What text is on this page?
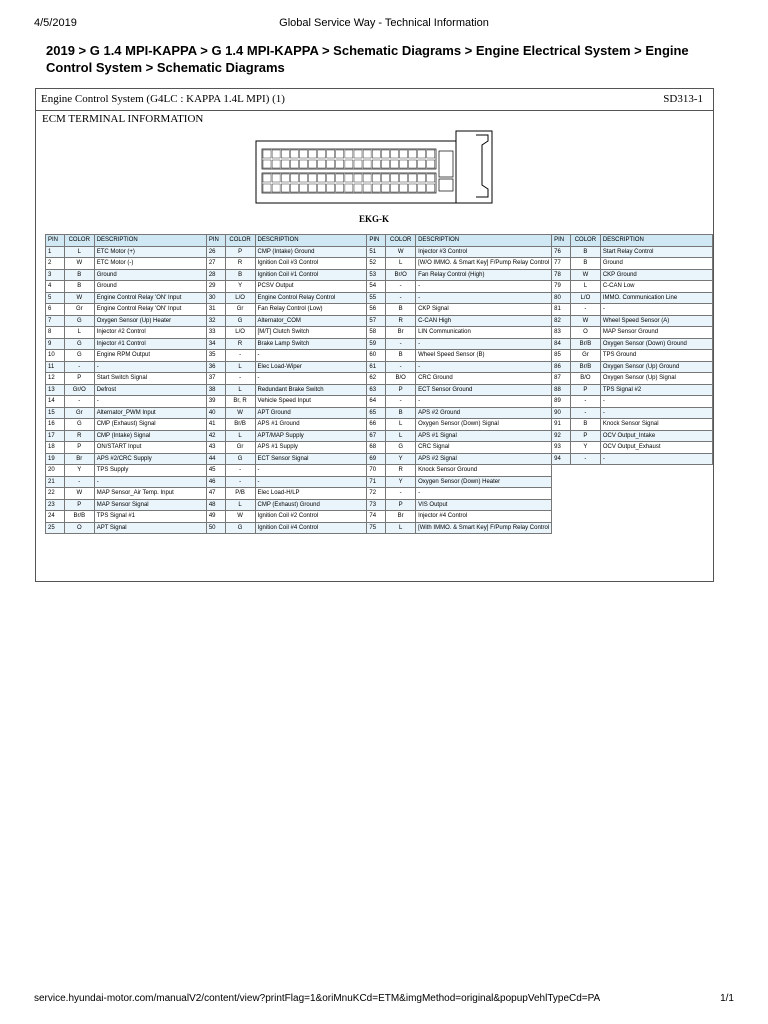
4/5/2019	Global Service Way - Technical Information
2019 > G 1.4 MPI-KAPPA > G 1.4 MPI-KAPPA > Schematic Diagrams > Engine Electrical System > Engine Control System > Schematic Diagrams
Engine Control System (G4LC : KAPPA 1.4L MPI) (1)	SD313-1
ECM TERMINAL INFORMATION
EKG-K
PIN	COLOR	DESCRIPTION	PIN	COLOR	DESCRIPTION	PIN	COLOR	DESCRIPTION	PIN	COLOR	DESCRIPTION
1	L	ETC Motor (+)	26	P	CMP (Intake) Ground	51	W	Injector #3 Control	76	B	Start Relay Control
2	W	ETC Motor (-)	27	R	Ignition Coil #3 Control	52	L	[W/O IMMO. & Smart Key] F/Pump Relay Control	77	B	Ground
3	B	Ground	28	B	Ignition Coil #1 Control	53	Br/O	Fan Relay Control (High)	78	W	CKP Ground
4	B	Ground	29	Y	PCSV Output	54	-	-	79	L	C-CAN Low
5	W	Engine Control Relay 'ON' Input	30	L/O	Engine Control Relay Control	55	-	-	80	L/O	IMMO. Communication Line
6	Gr	Engine Control Relay 'ON' Input	31	Gr	Fan Relay Control (Low)	56	B	CKP Signal	81	-	-
7	G	Oxygen Sensor (Up) Heater	32	G	Alternator_COM	57	R	C-CAN High	82	W	Wheel Speed Sensor (A)
8	L	Injector #2 Control	33	L/O	[M/T] Clutch Switch	58	Br	LIN Communication	83	O	MAP Sensor Ground
9	G	Injector #1 Control	34	R	Brake Lamp Switch	59	-	-	84	Br/B	Oxygen Sensor (Down) Ground
10	G	Engine RPM Output	35	-	-	60	B	Wheel Speed Sensor (B)	85	Gr	TPS Ground
11	-	-	36	L	Elec Load-Wiper	61	-	-	86	Br/B	Oxygen Sensor (Up) Ground
12	P	Start Switch Signal	37	-	-	62	B/O	CRC Ground	87	B/O	Oxygen Sensor (Up) Signal
13	Gr/O	Defrost	38	L	Redundant Brake Switch	63	P	ECT Sensor Ground	88	P	TPS Signal #2
14	-	-	39	Br, R	Vehicle Speed Input	64	-	-	89	-	-
15	Gr	Alternator_PWM Input	40	W	APT Ground	65	B	APS #2 Ground	90	-	-
16	G	CMP (Exhaust) Signal	41	Br/B	APS #1 Ground	66	L	Oxygen Sensor (Down) Signal	91	B	Knock Sensor Signal
17	R	CMP (Intake) Signal	42	L	APT/MAP Supply	67	L	APS #1 Signal	92	P	OCV Output_Intake
18	P	ON/START Input	43	Gr	APS #1 Supply	68	G	CRC Signal	93	Y	OCV Output_Exhaust
19	Br	APS #2/CRC Supply	44	G	ECT Sensor Signal	69	Y	APS #2 Signal	94	-	-
20	Y	TPS Supply	45	-	-	70	R	Knock Sensor Ground			
21	-	-	46	-	-	71	Y	Oxygen Sensor (Down) Heater			
22	W	MAP Sensor_Air Temp. Input	47	P/B	Elec Load-H/LP	72	-	-			
23	P	MAP Sensor Signal	48	L	CMP (Exhaust) Ground	73	P	VIS Output			
24	Br/B	TPS Signal #1	49	W	Ignition Coil #2 Control	74	Br	Injector #4 Control			
25	O	APT Signal	50	G	Ignition Coil #4 Control	75	L	[With IMMO. & Smart Key] F/Pump Relay Control			
service.hyundai-motor.com/manualV2/content/view?printFlag=1&oriMnuKCd=ETM&imgMethod=original&popupVehlTypeCd=PA	1/1
